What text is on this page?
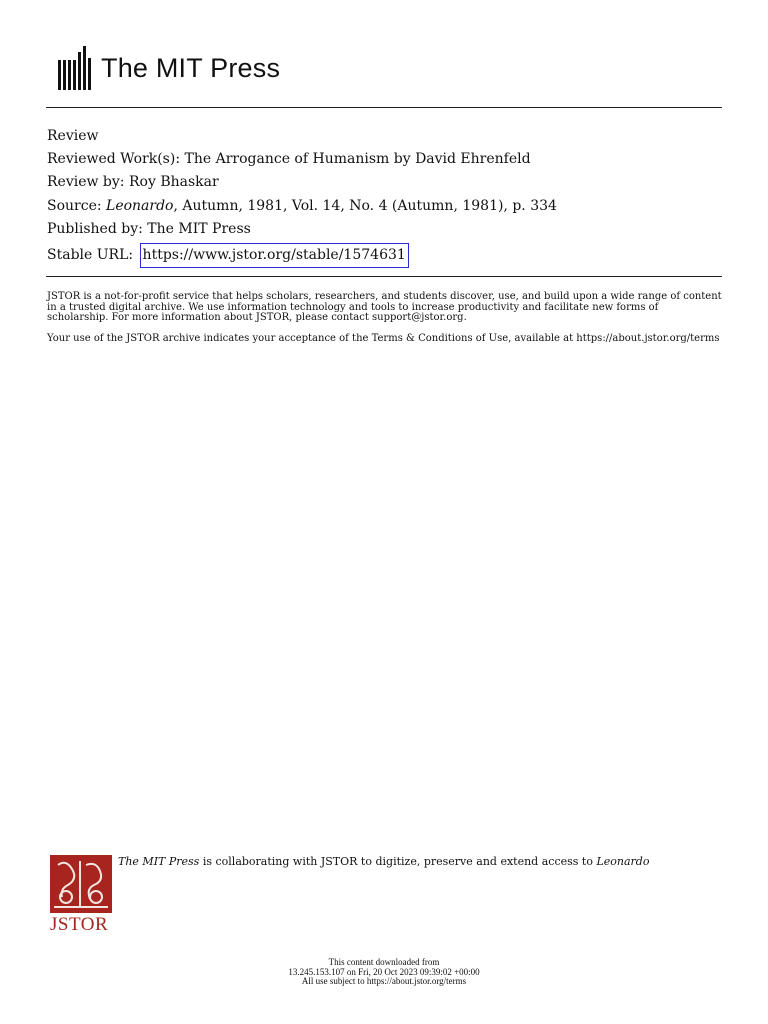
The MIT Press
Review
Reviewed Work(s): The Arrogance of Humanism by David Ehrenfeld
Review by: Roy Bhaskar
Source: Leonardo, Autumn, 1981, Vol. 14, No. 4 (Autumn, 1981), p. 334
Published by: The MIT Press
Stable URL: https://www.jstor.org/stable/1574631

JSTOR is a not-for-profit service that helps scholars, researchers, and students discover, use, and build upon a wide range of content in a trusted digital archive. We use information technology and tools to increase productivity and facilitate new forms of scholarship. For more information about JSTOR, please contact support@jstor.org.

Your use of the JSTOR archive indicates your acceptance of the Terms & Conditions of Use, available at https://about.jstor.org/terms

JSTOR
The MIT Press is collaborating with JSTOR to digitize, preserve and extend access to Leonardo
This content downloaded from
13.245.153.107 on Fri, 20 Oct 2023 09:39:02 +00:00
All use subject to https://about.jstor.org/terms
